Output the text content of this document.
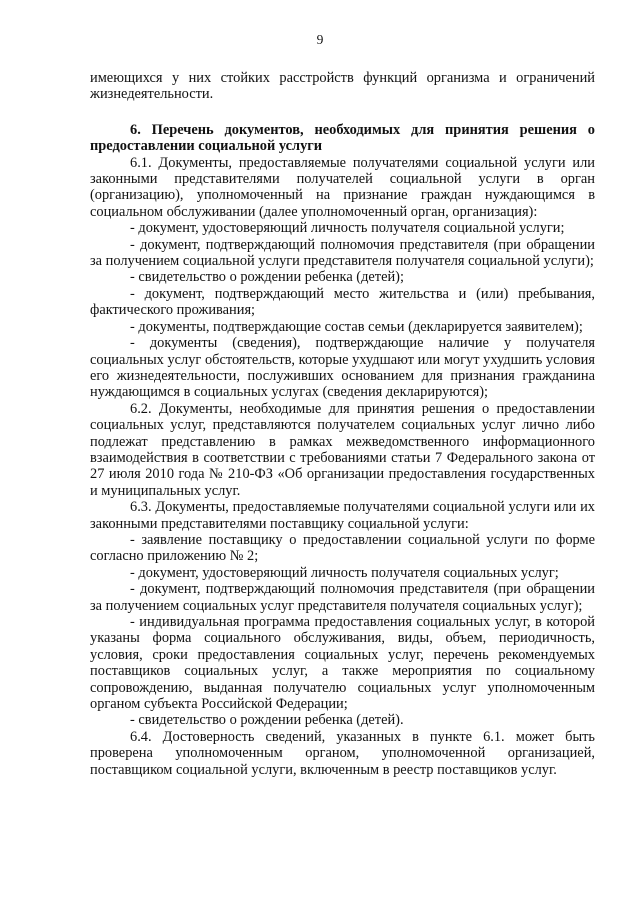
9

имеющихся у них стойких расстройств функций организма и ограничений жизнедеятельности.

6. Перечень документов, необходимых для принятия решения о предоставлении социальной услуги

6.1. Документы, предоставляемые получателями социальной услуги или законными представителями получателей социальной услуги в орган (организацию), уполномоченный на признание граждан нуждающимся в социальном обслуживании (далее уполномоченный орган, организация):

- документ, удостоверяющий личность получателя социальной услуги;

- документ, подтверждающий полномочия представителя (при обращении за получением социальной услуги представителя получателя социальной услуги);

- свидетельство о рождении ребенка (детей);

- документ, подтверждающий место жительства и (или) пребывания, фактического проживания;

- документы, подтверждающие состав семьи (декларируется заявителем);

- документы (сведения), подтверждающие наличие у получателя социальных услуг обстоятельств, которые ухудшают или могут ухудшить условия его жизнедеятельности, послуживших основанием для признания гражданина нуждающимся в социальных услугах (сведения декларируются);

6.2. Документы, необходимые для принятия решения о предоставлении социальных услуг, представляются получателем социальных услуг лично либо подлежат представлению в рамках межведомственного информационного взаимодействия в соответствии с требованиями статьи 7 Федерального закона от 27 июля 2010 года № 210-ФЗ «Об организации предоставления государственных и муниципальных услуг.

6.3. Документы, предоставляемые получателями социальной услуги или их законными представителями поставщику социальной услуги:

- заявление поставщику о предоставлении социальной услуги по форме согласно приложению № 2;

- документ, удостоверяющий личность получателя социальных услуг;

- документ, подтверждающий полномочия представителя (при обращении за получением социальных услуг представителя получателя социальных услуг);

- индивидуальная программа предоставления социальных услуг, в которой указаны форма социального обслуживания, виды, объем, периодичность, условия, сроки предоставления социальных услуг, перечень рекомендуемых поставщиков социальных услуг, а также мероприятия по социальному сопровождению, выданная получателю социальных услуг уполномоченным органом субъекта Российской Федерации;

- свидетельство о рождении ребенка (детей).

6.4. Достоверность сведений, указанных в пункте 6.1. может быть проверена уполномоченным органом, уполномоченной организацией, поставщиком социальной услуги, включенным в реестр поставщиков услуг.
